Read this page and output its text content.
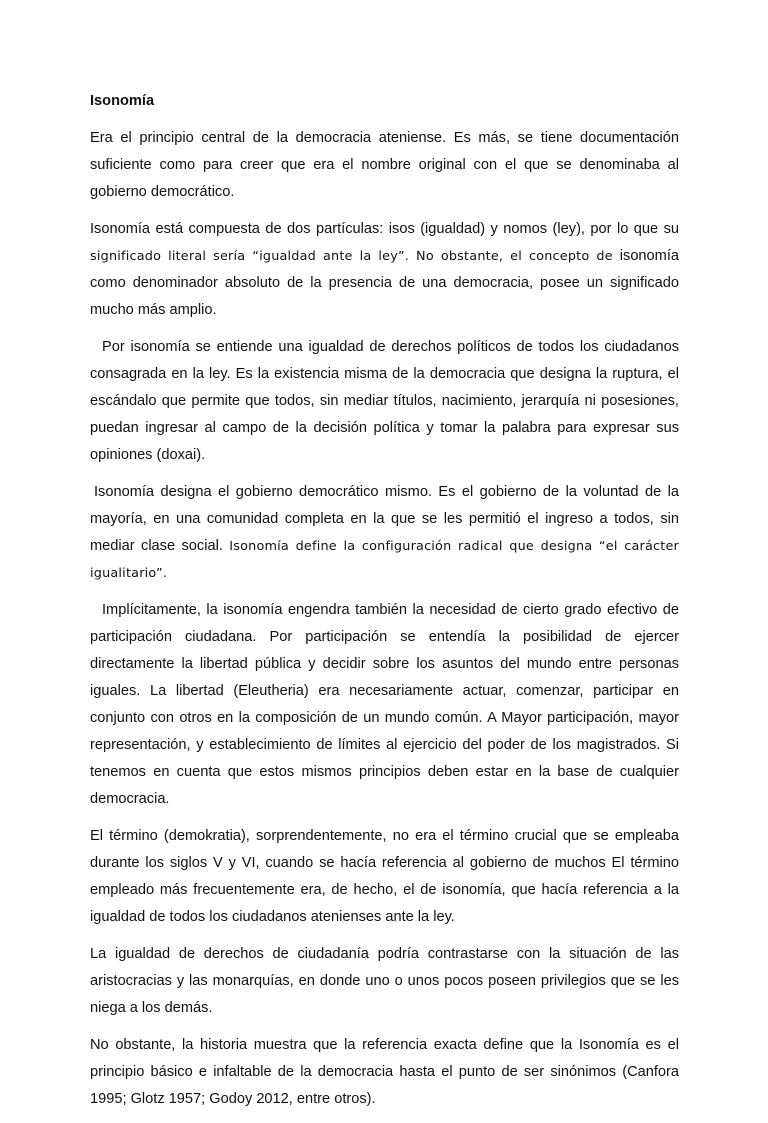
Isonomía

Era el principio central de la democracia ateniense. Es más, se tiene documentación suficiente como para creer que era el nombre original con el que se denominaba al gobierno democrático.

Isonomía está compuesta de dos partículas: isos (igualdad) y nomos (ley), por lo que su significado literal sería “igualdad ante la ley”. No obstante, el concepto de isonomía como denominador absoluto de la presencia de una democracia, posee un significado mucho más amplio.

Por isonomía se entiende una igualdad de derechos políticos de todos los ciudadanos consagrada en la ley. Es la existencia misma de la democracia que designa la ruptura, el escándalo que permite que todos, sin mediar títulos, nacimiento, jerarquía ni posesiones, puedan ingresar al campo de la decisión política y tomar la palabra para expresar sus opiniones (doxai).

Isonomía designa el gobierno democrático mismo. Es el gobierno de la voluntad de la mayoría, en una comunidad completa en la que se les permitió el ingreso a todos, sin mediar clase social. Isonomía define la configuración radical que designa “el carácter igualitario”.

Implícitamente, la isonomía engendra también la necesidad de cierto grado efectivo de participación ciudadana. Por participación se entendía la posibilidad de ejercer directamente la libertad pública y decidir sobre los asuntos del mundo entre personas iguales. La libertad (Eleutheria) era necesariamente actuar, comenzar, participar en conjunto con otros en la composición de un mundo común. A Mayor participación, mayor representación, y establecimiento de límites al ejercicio del poder de los magistrados. Si tenemos en cuenta que estos mismos principios deben estar en la base de cualquier democracia.

El término (demokratia), sorprendentemente, no era el término crucial que se empleaba durante los siglos V y VI, cuando se hacía referencia al gobierno de muchos El término empleado más frecuentemente era, de hecho, el de isonomía, que hacía referencia a la igualdad de todos los ciudadanos atenienses ante la ley.

La igualdad de derechos de ciudadanía podría contrastarse con la situación de las aristocracias y las monarquías, en donde uno o unos pocos poseen privilegios que se les niega a los demás.

No obstante, la historia muestra que la referencia exacta define que la Isonomía es el principio básico e infaltable de la democracia hasta el punto de ser sinónimos (Canfora 1995; Glotz 1957; Godoy 2012, entre otros).
